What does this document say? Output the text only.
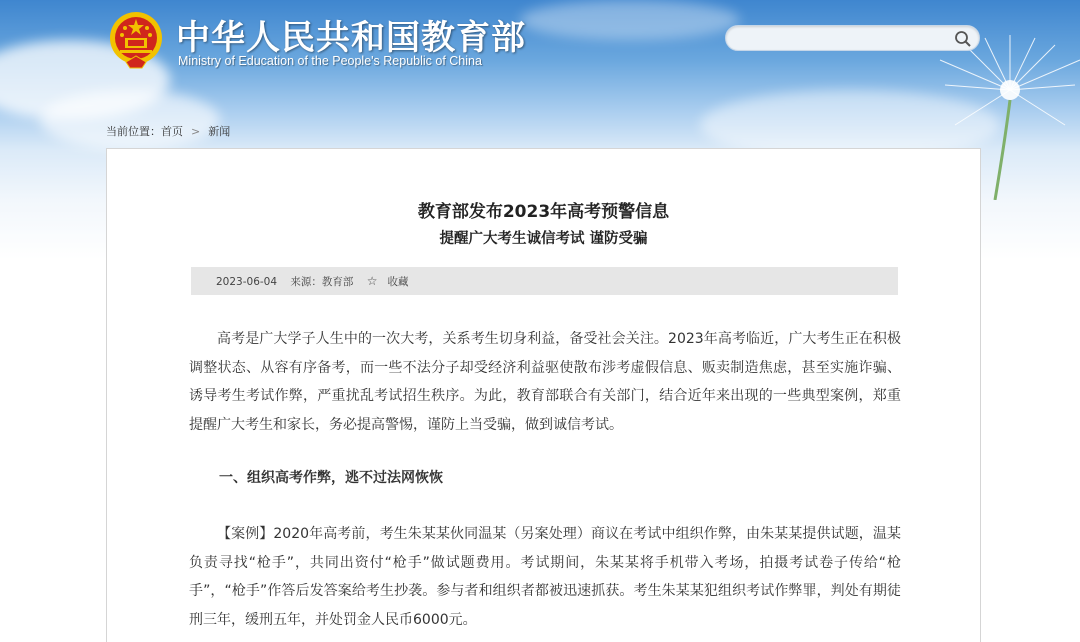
中华人民共和国教育部
Ministry of Education of the People's Republic of China
当前位置：首页 > 新闻
教育部发布2023年高考预警信息
提醒广大考生诚信考试 谨防受骗
2023-06-04 来源：教育部 ☆ 收藏

高考是广大学子人生中的一次大考，关系考生切身利益，备受社会关注。2023年高考临近，广大考生正在积极调整状态、从容有序备考，而一些不法分子却受经济利益驱使散布涉考虚假信息、贩卖制造焦虑，甚至实施诈骗、诱导考生考试作弊，严重扰乱考试招生秩序。为此，教育部联合有关部门，结合近年来出现的一些典型案例，郑重提醒广大考生和家长，务必提高警惕，谨防上当受骗，做到诚信考试。

一、组织高考作弊，逃不过法网恢恢

【案例】2020年高考前，考生朱某某伙同温某（另案处理）商议在考试中组织作弊，由朱某某提供试题，温某负责寻找“枪手”，共同出资付“枪手”做试题费用。考试期间，朱某某将手机带入考场，拍摄考试卷子传给“枪手”，“枪手”作答后发答案给考生抄袭。参与者和组织者都被迅速抓获。考生朱某某犯组织考试作弊罪，判处有期徒刑三年，缓刑五年，并处罚金人民币6000元。
